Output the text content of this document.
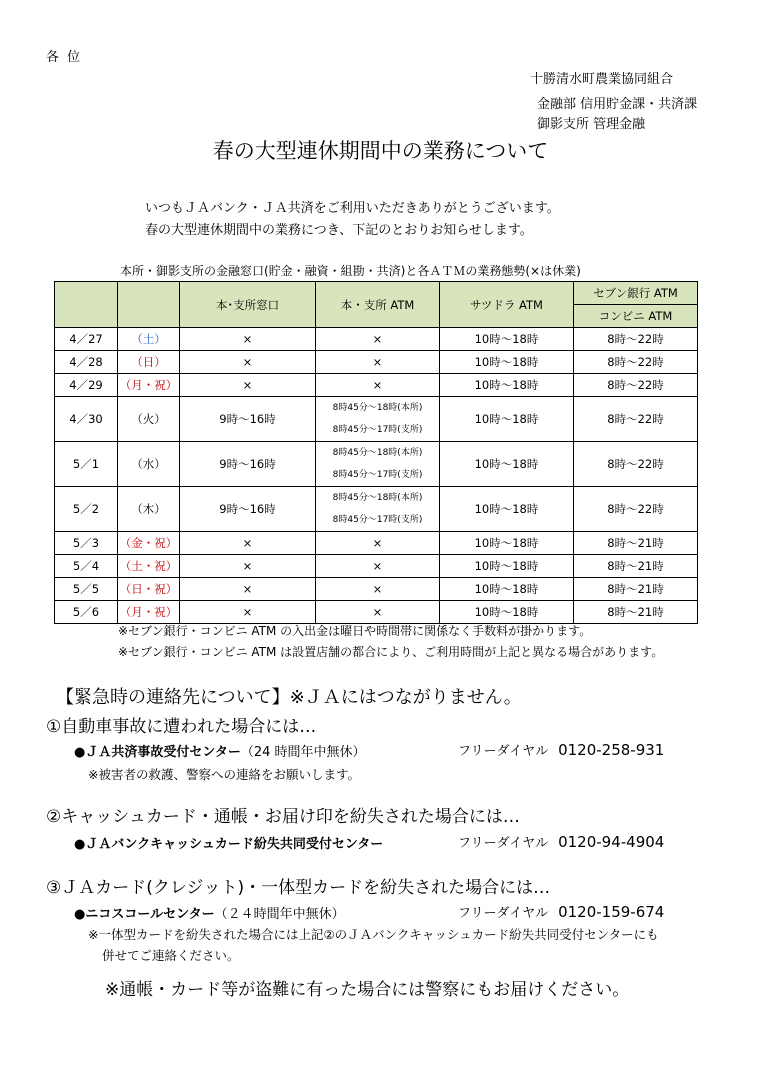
各位
十勝清水町農業協同組合
金融部 信用貯金課・共済課
御影支所 管理金融
春の大型連休期間中の業務について
いつもＪＡバンク・ＪＡ共済をご利用いただきありがとうございます。
春の大型連休期間中の業務につき、下記のとおりお知らせします。
本所・御影支所の金融窓口(貯金・融資・組勘・共済)と各ＡＴＭの業務態勢(×は休業)
		本･支所窓口	本・支所 ATM	サツドラ ATM	セブン銀行 ATM
					コンビニ ATM
4／27	（土）	×	×	10時～18時	8時～22時
4／28	（日）	×	×	10時～18時	8時～22時
4／29	（月・祝）	×	×	10時～18時	8時～22時
4／30	（火）	9時～16時	8時45分～18時(本所)
8時45分～17時(支所)	10時～18時	8時～22時
5／1	（水）	9時～16時	8時45分～18時(本所)
8時45分～17時(支所)	10時～18時	8時～22時
5／2	（木）	9時～16時	8時45分～18時(本所)
8時45分～17時(支所)	10時～18時	8時～22時
5／3	（金・祝）	×	×	10時～18時	8時～21時
5／4	（土・祝）	×	×	10時～18時	8時～21時
5／5	（日・祝）	×	×	10時～18時	8時～21時
5／6	（月・祝）	×	×	10時～18時	8時～21時
※セブン銀行・コンビニ ATM の入出金は曜日や時間帯に関係なく手数料が掛かります。
※セブン銀行・コンビニ ATM は設置店舗の都合により、ご利用時間が上記と異なる場合があります。
【緊急時の連絡先について】※ＪＡにはつながりません。
①自動車事故に遭われた場合には…
●ＪＡ共済事故受付センター（24 時間年中無休）	フリーダイヤル 0120-258-931
※被害者の救護、警察への連絡をお願いします。
②キャッシュカード・通帳・お届け印を紛失された場合には…
●ＪＡバンクキャッシュカード紛失共同受付センター	フリーダイヤル 0120-94-4904
③ＪＡカード(クレジット)・一体型カードを紛失された場合には…
●ニコスコールセンター（２４時間年中無休）	フリーダイヤル 0120-159-674
※一体型カードを紛失された場合には上記②のＪＡバンクキャッシュカード紛失共同受付センターにも
併せてご連絡ください。
※通帳・カード等が盗難に有った場合には警察にもお届けください。
